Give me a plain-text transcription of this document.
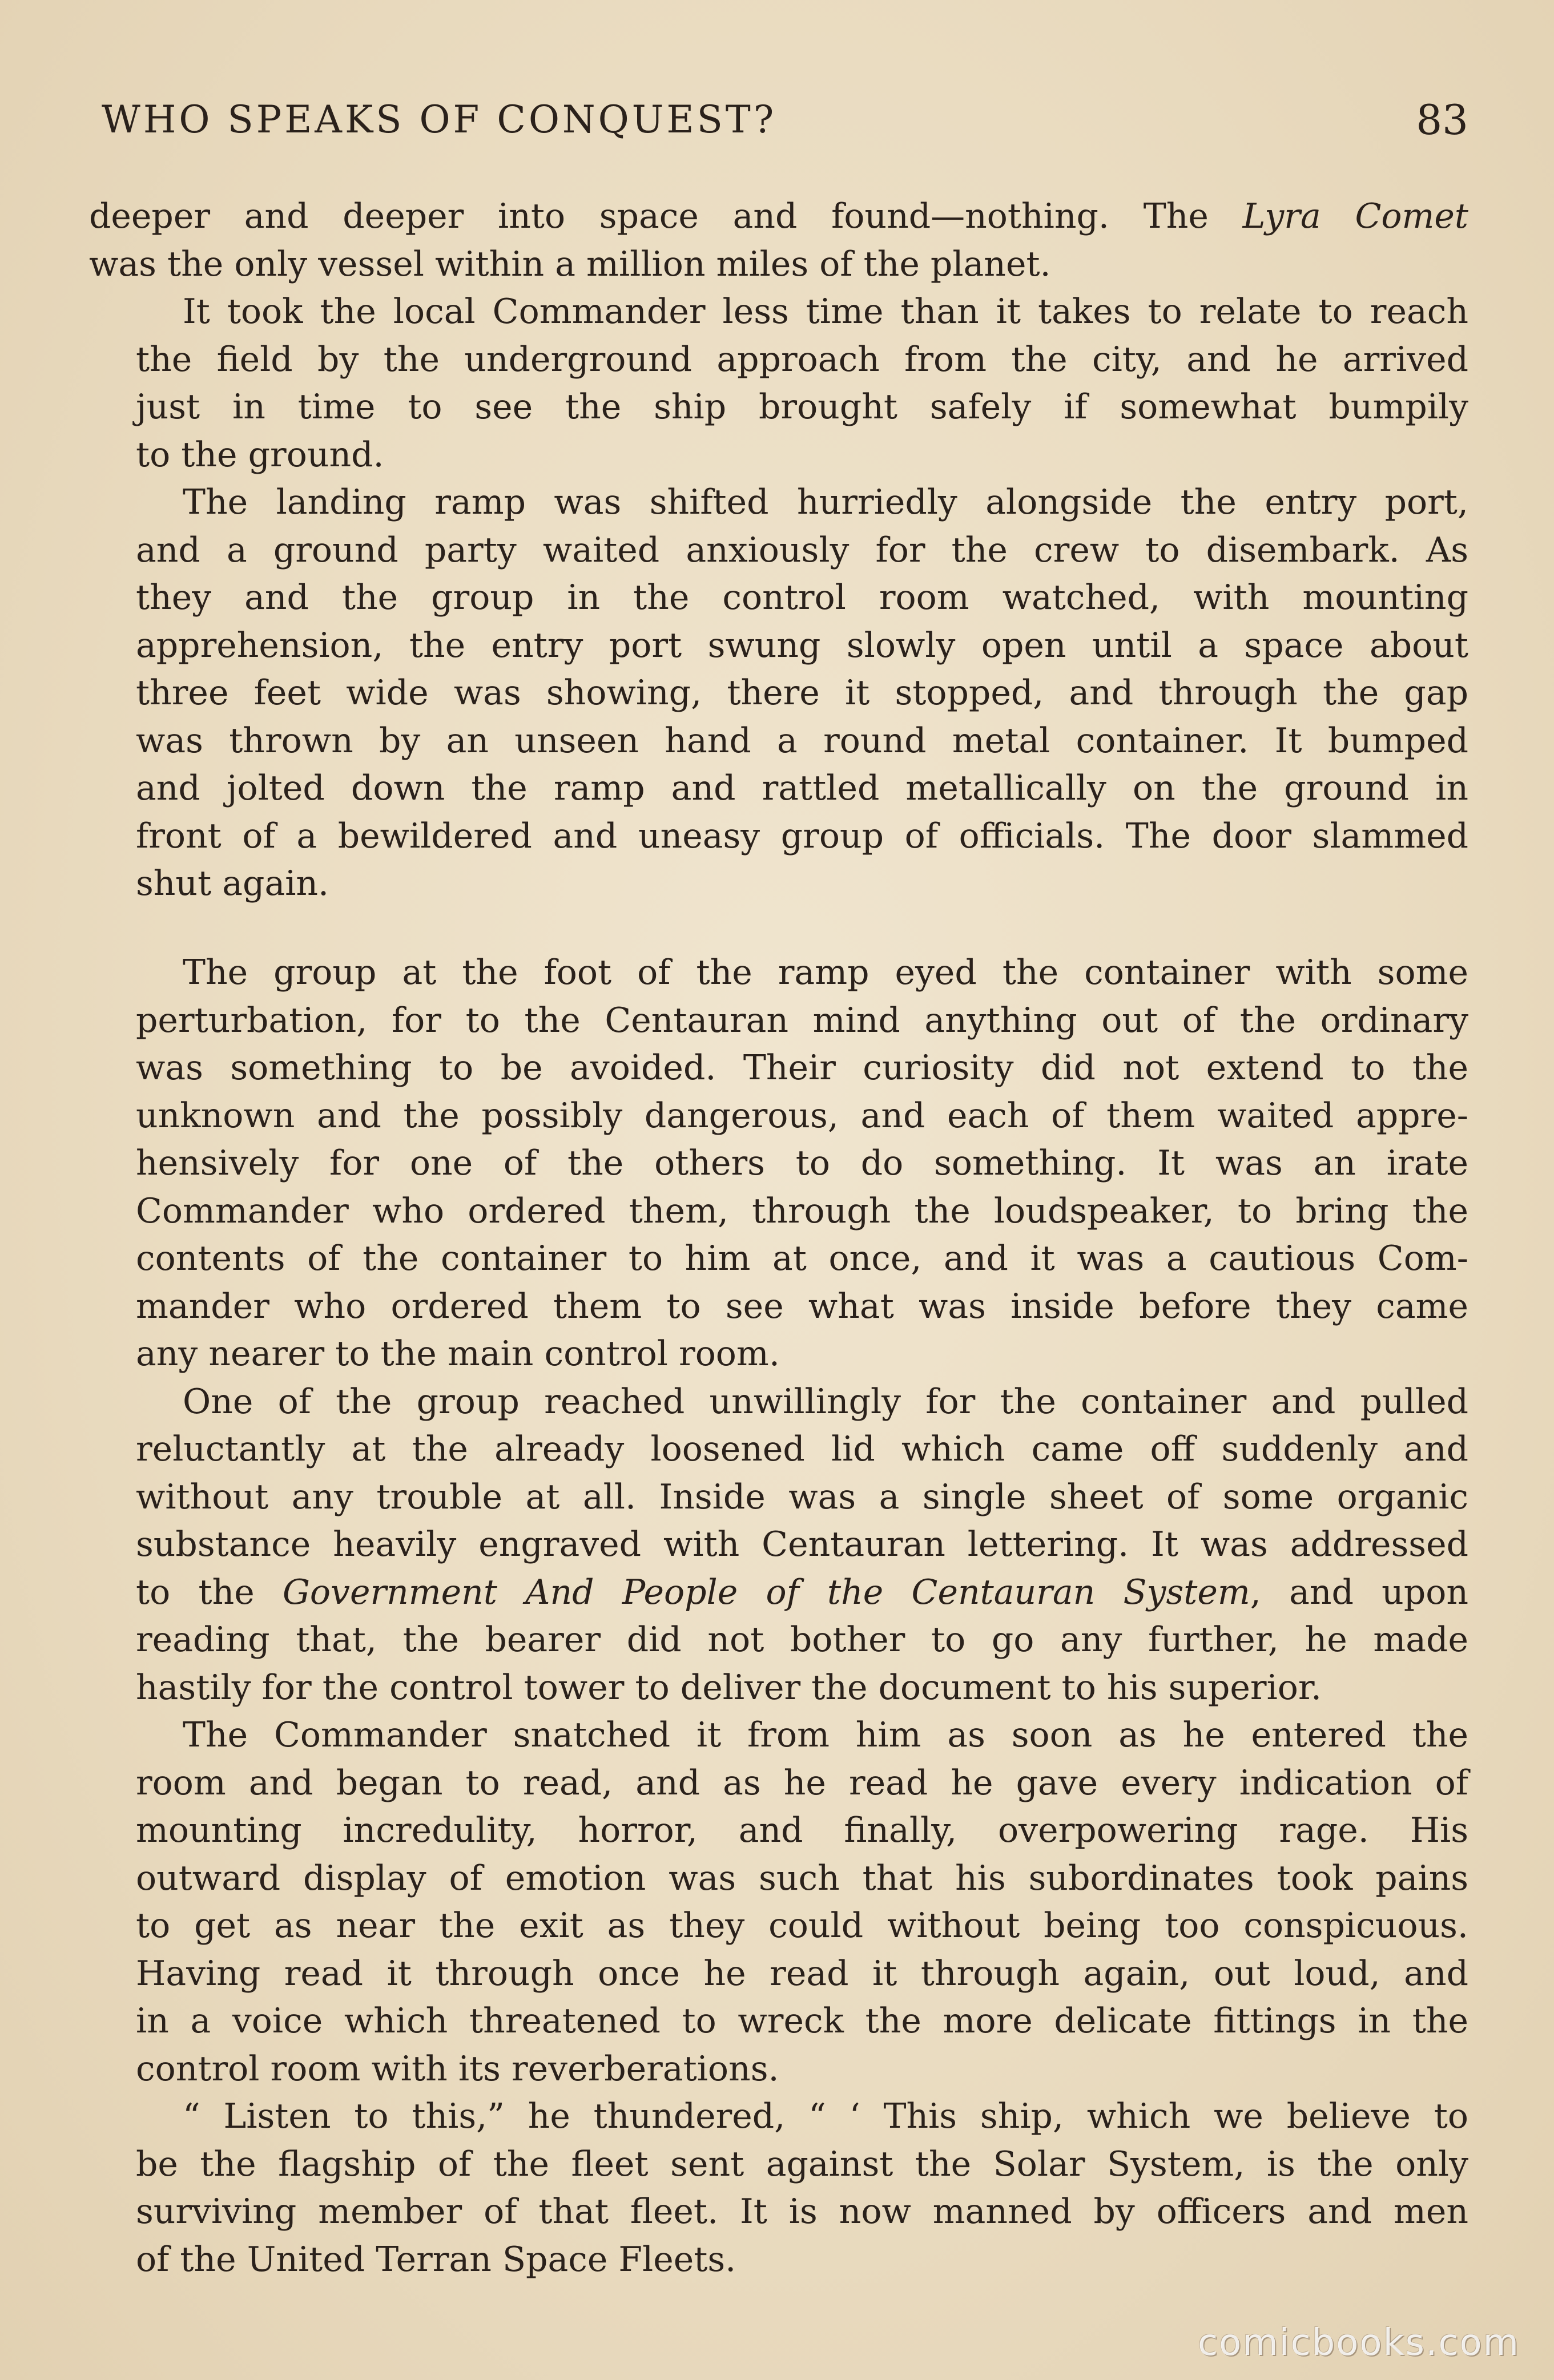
WHO SPEAKS OF CONQUEST?	83
deeper and deeper into space and found—nothing. The Lyra Comet
was the only vessel within a million miles of the planet.
It took the local Commander less time than it takes to relate to reach
the field by the underground approach from the city, and he arrived
just in time to see the ship brought safely if somewhat bumpily
to the ground.
The landing ramp was shifted hurriedly alongside the entry port,
and a ground party waited anxiously for the crew to disembark. As
they and the group in the control room watched, with mounting
apprehension, the entry port swung slowly open until a space about
three feet wide was showing, there it stopped, and through the gap
was thrown by an unseen hand a round metal container. It bumped
and jolted down the ramp and rattled metallically on the ground in
front of a bewildered and uneasy group of officials. The door slammed
shut again.
The group at the foot of the ramp eyed the container with some
perturbation, for to the Centauran mind anything out of the ordinary
was something to be avoided. Their curiosity did not extend to the
unknown and the possibly dangerous, and each of them waited appre-
hensively for one of the others to do something. It was an irate
Commander who ordered them, through the loudspeaker, to bring the
contents of the container to him at once, and it was a cautious Com-
mander who ordered them to see what was inside before they came
any nearer to the main control room.
One of the group reached unwillingly for the container and pulled
reluctantly at the already loosened lid which came off suddenly and
without any trouble at all. Inside was a single sheet of some organic
substance heavily engraved with Centauran lettering. It was addressed
to the Government And People of the Centauran System, and upon
reading that, the bearer did not bother to go any further, he made
hastily for the control tower to deliver the document to his superior.
The Commander snatched it from him as soon as he entered the
room and began to read, and as he read he gave every indication of
mounting incredulity, horror, and finally, overpowering rage. His
outward display of emotion was such that his subordinates took pains
to get as near the exit as they could without being too conspicuous.
Having read it through once he read it through again, out loud, and
in a voice which threatened to wreck the more delicate fittings in the
control room with its reverberations.
“ Listen to this,” he thundered, “ ‘ This ship, which we believe to
be the flagship of the fleet sent against the Solar System, is the only
surviving member of that fleet. It is now manned by officers and men
of the United Terran Space Fleets.
comicbooks.com
